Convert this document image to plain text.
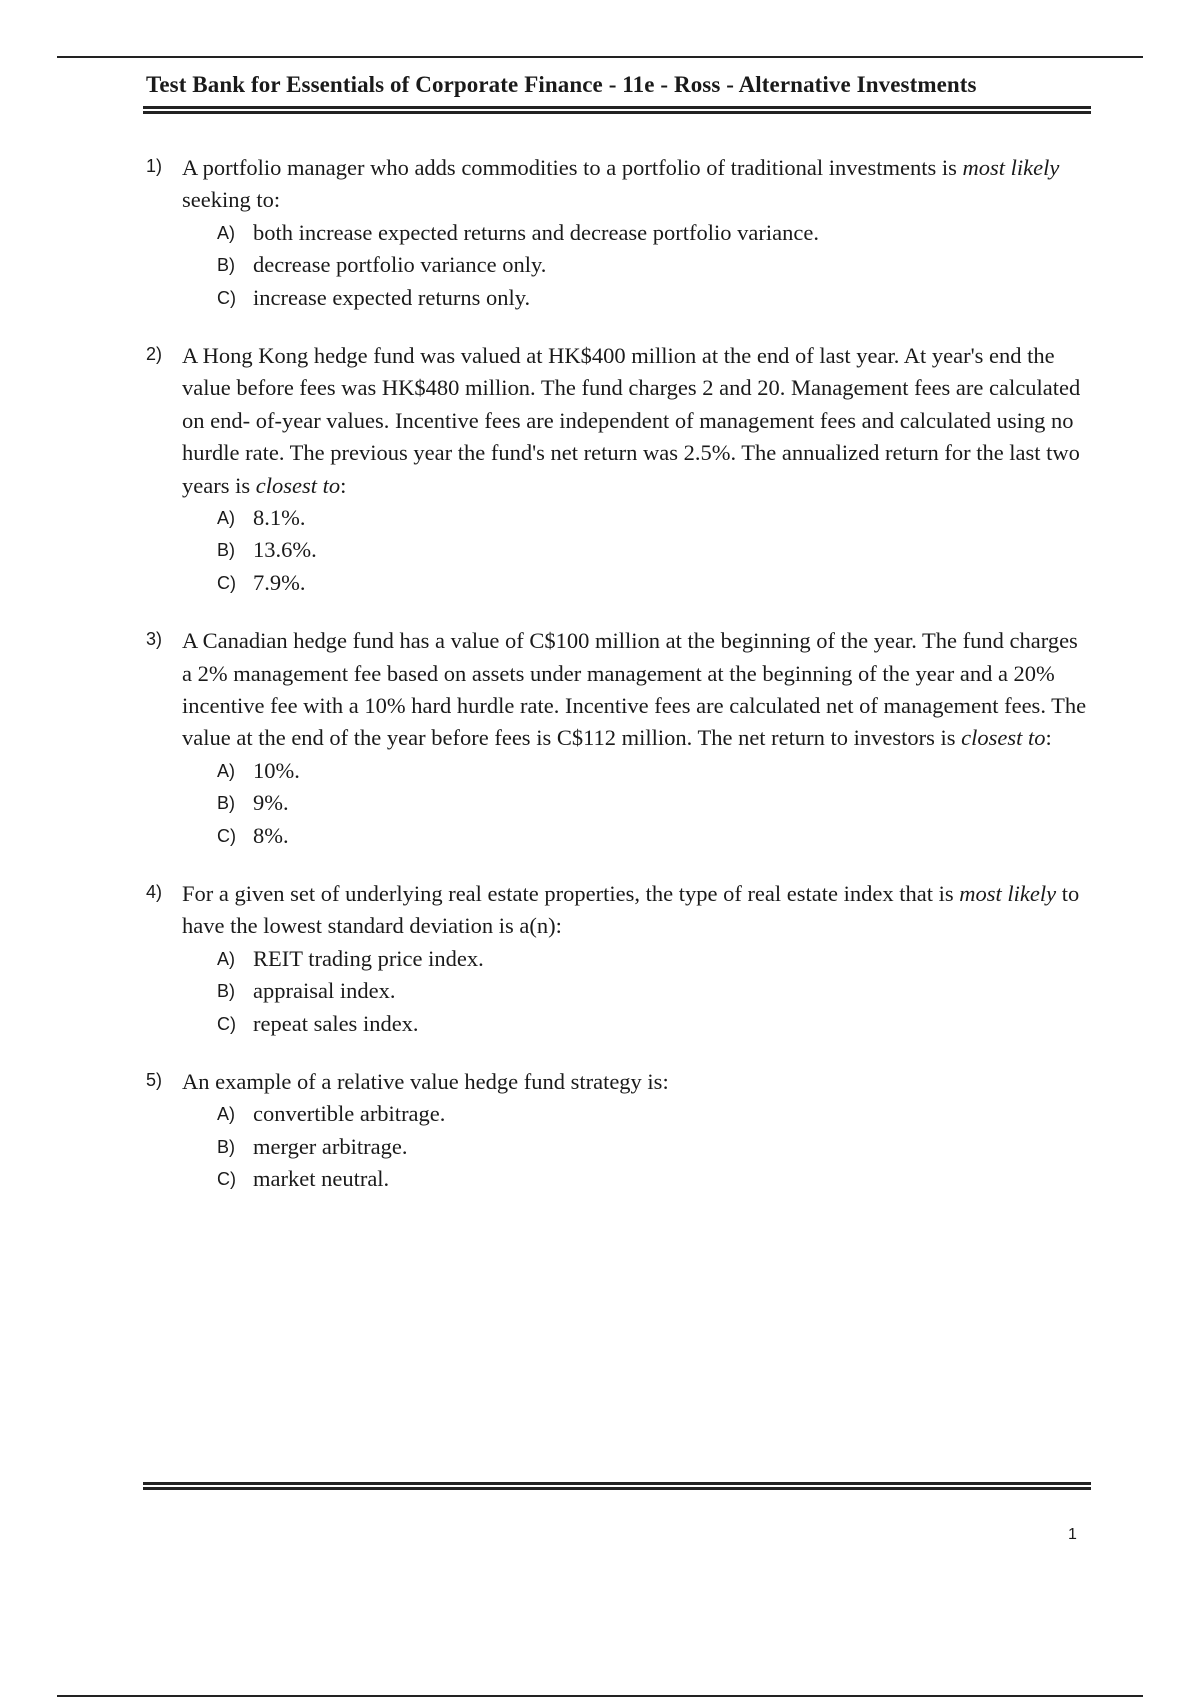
Test Bank for Essentials of Corporate Finance - 11e - Ross - Alternative Investments
1) A portfolio manager who adds commodities to a portfolio of traditional investments is most likely seeking to:
A) both increase expected returns and decrease portfolio variance.
B) decrease portfolio variance only.
C) increase expected returns only.
2) A Hong Kong hedge fund was valued at HK$400 million at the end of last year. At year's end the value before fees was HK$480 million. The fund charges 2 and 20. Management fees are calculated on end- of-year values. Incentive fees are independent of management fees and calculated using no hurdle rate. The previous year the fund's net return was 2.5%. The annualized return for the last two years is closest to:
A) 8.1%.
B) 13.6%.
C) 7.9%.
3) A Canadian hedge fund has a value of C$100 million at the beginning of the year. The fund charges a 2% management fee based on assets under management at the beginning of the year and a 20% incentive fee with a 10% hard hurdle rate. Incentive fees are calculated net of management fees. The value at the end of the year before fees is C$112 million. The net return to investors is closest to:
A) 10%.
B) 9%.
C) 8%.
4) For a given set of underlying real estate properties, the type of real estate index that is most likely to have the lowest standard deviation is a(n):
A) REIT trading price index.
B) appraisal index.
C) repeat sales index.
5) An example of a relative value hedge fund strategy is:
A) convertible arbitrage.
B) merger arbitrage.
C) market neutral.
1
